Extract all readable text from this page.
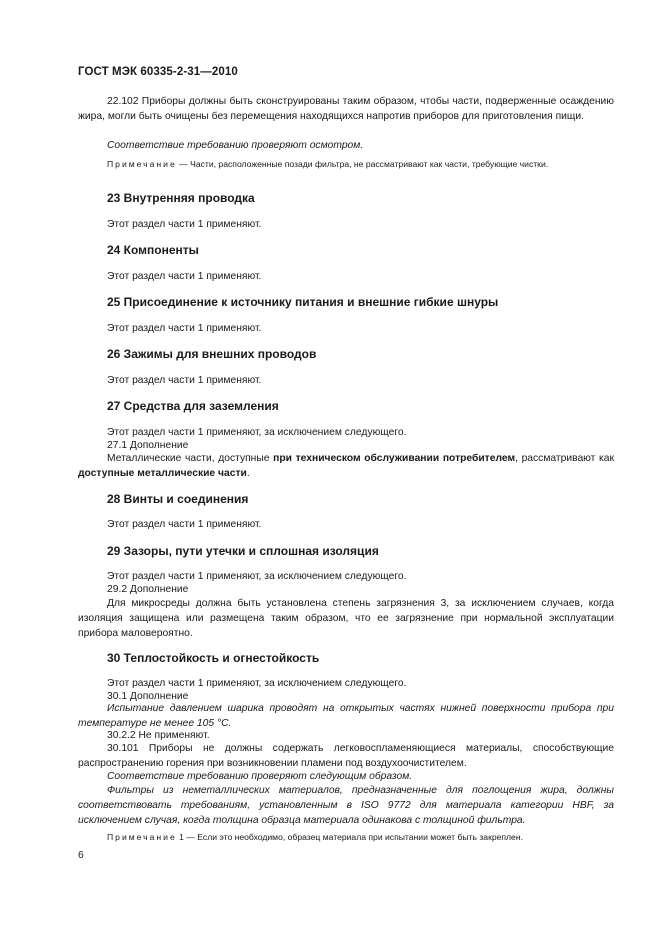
ГОСТ МЭК 60335-2-31—2010

22.102 Приборы должны быть сконструированы таким образом, чтобы части, подверженные осаждению жира, могли быть очищены без перемещения находящихся напротив приборов для приготовления пищи.

Соответствие требованию проверяют осмотром.

Примечание — Части, расположенные позади фильтра, не рассматривают как части, требующие чистки.

23 Внутренняя проводка

Этот раздел части 1 применяют.

24 Компоненты

Этот раздел части 1 применяют.

25 Присоединение к источнику питания и внешние гибкие шнуры

Этот раздел части 1 применяют.

26 Зажимы для внешних проводов

Этот раздел части 1 применяют.

27 Средства для заземления

Этот раздел части 1 применяют, за исключением следующего.

27.1 Дополнение

Металлические части, доступные при техническом обслуживании потребителем, рассматривают как доступные металлические части.

28 Винты и соединения

Этот раздел части 1 применяют.

29 Зазоры, пути утечки и сплошная изоляция

Этот раздел части 1 применяют, за исключением следующего.

29.2 Дополнение

Для микросреды должна быть установлена степень загрязнения 3, за исключением случаев, когда изоляция защищена или размещена таким образом, что ее загрязнение при нормальной эксплуатации прибора маловероятно.

30 Теплостойкость и огнестойкость

Этот раздел части 1 применяют, за исключением следующего.

30.1 Дополнение

Испытание давлением шарика проводят на открытых частях нижней поверхности прибора при температуре не менее 105 °С.

30.2.2 Не применяют.

30.101 Приборы не должны содержать легковоспламеняющиеся материалы, способствующие распространению горения при возникновении пламени под воздухоочистителем.

Соответствие требованию проверяют следующим образом.

Фильтры из неметаллических материалов, предназначенные для поглощения жира, должны соответствовать требованиям, установленным в ISO 9772 для материала категории HBF, за исключением случая, когда толщина образца материала одинакова с толщиной фильтра.

Примечание 1 — Если это необходимо, образец материала при испытании может быть закреплен.

6
